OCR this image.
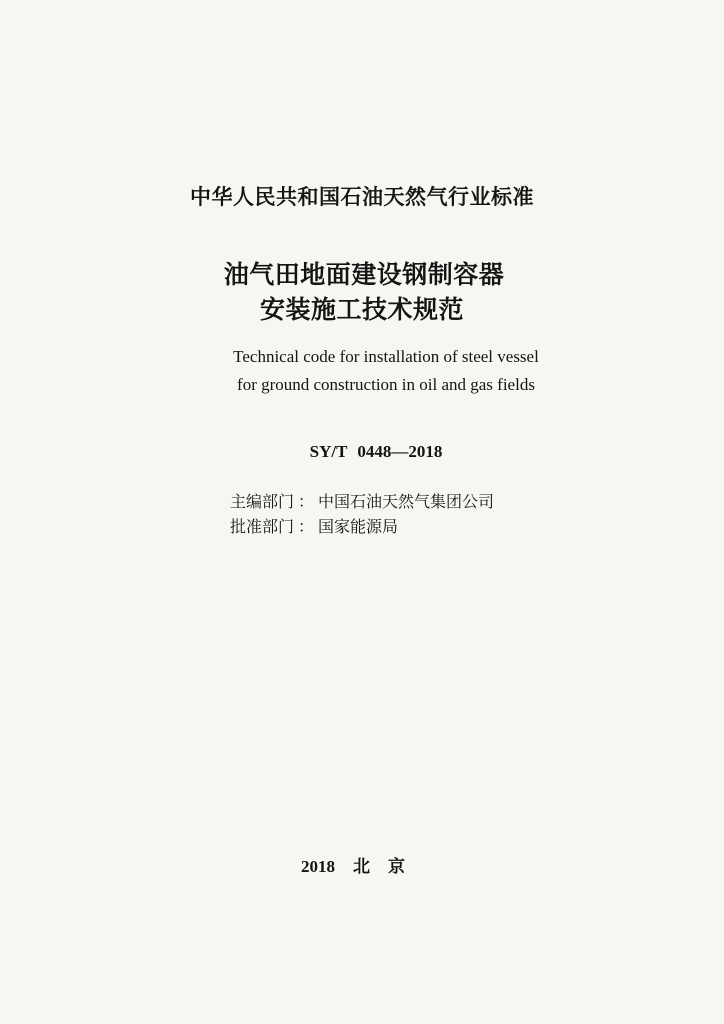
中华人民共和国石油天然气行业标准
油气田地面建设钢制容器
安装施工技术规范
Technical code for installation of steel vessel
for ground construction in oil and gas fields
SY/T 0448—2018
主编部门 ： 中国石油天然气集团公司
批准部门 ： 国家能源局
2018 北京
